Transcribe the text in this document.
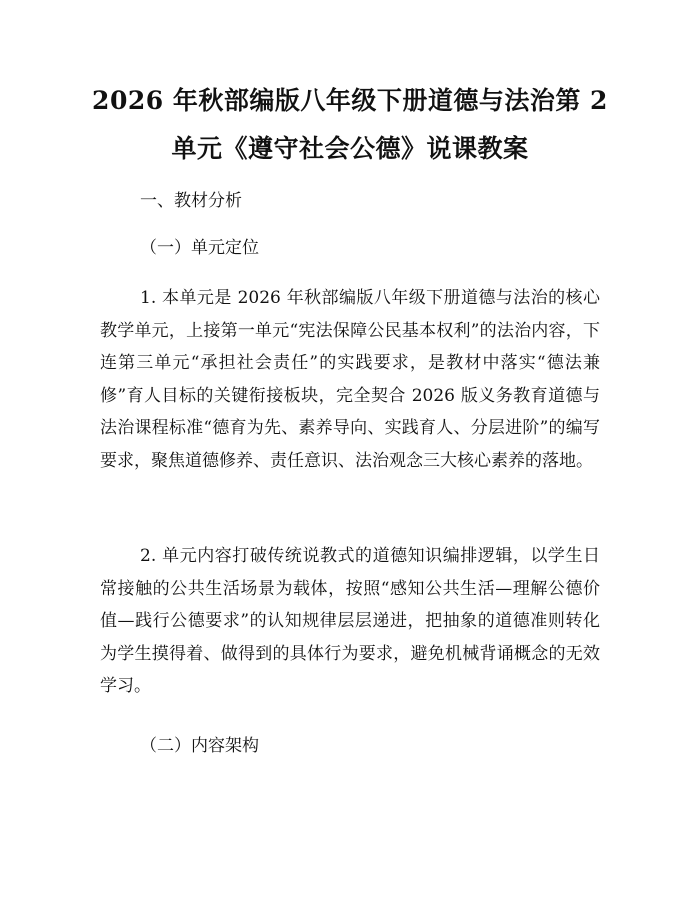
2026 年秋部编版八年级下册道德与法治第 2
单元《遵守社会公德》说课教案
一、教材分析
（一）单元定位

1. 本单元是 2026 年秋部编版八年级下册道德与法治的核心教学单元，上接第一单元“宪法保障公民基本权利”的法治内容，下连第三单元“承担社会责任”的实践要求，是教材中落实“德法兼修”育人目标的关键衔接板块，完全契合 2026 版义务教育道德与法治课程标准“德育为先、素养导向、实践育人、分层进阶”的编写要求，聚焦道德修养、责任意识、法治观念三大核心素养的落地。

2. 单元内容打破传统说教式的道德知识编排逻辑，以学生日常接触的公共生活场景为载体，按照“感知公共生活—理解公德价值—践行公德要求”的认知规律层层递进，把抽象的道德准则转化为学生摸得着、做得到的具体行为要求，避免机械背诵概念的无效学习。

（二）内容架构
